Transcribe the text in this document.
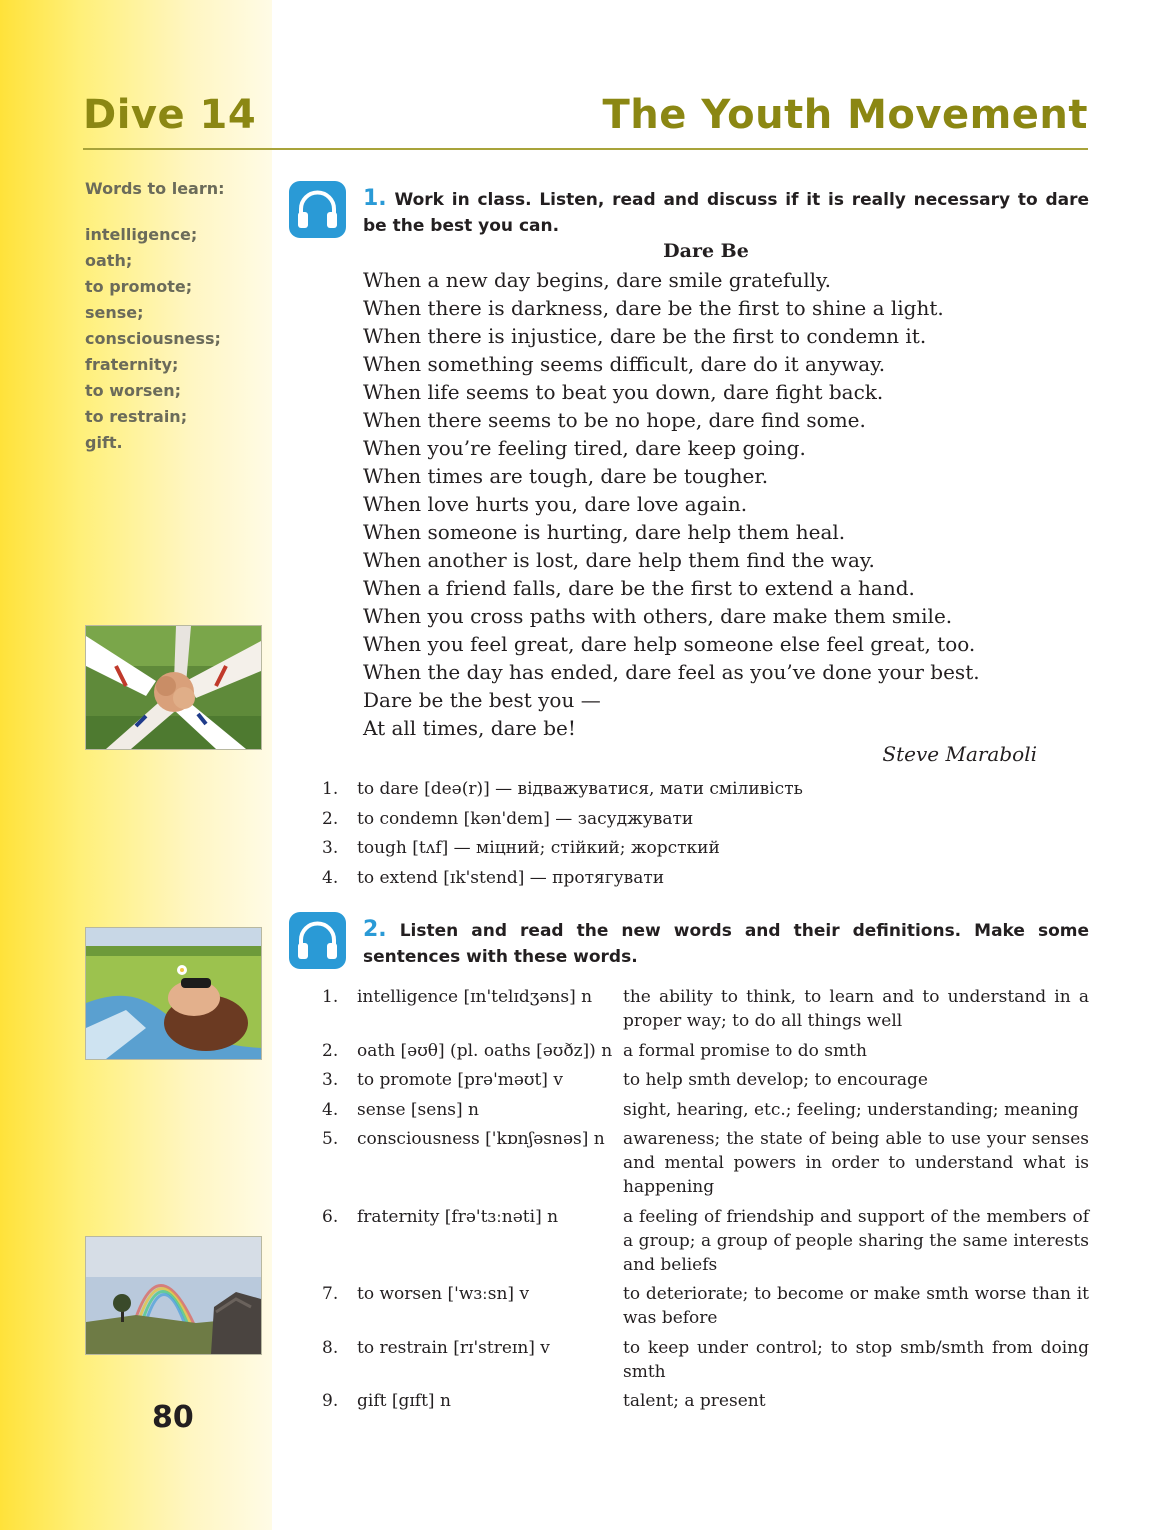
Dive 14	The Youth Movement
Words to learn:
intelligence;
oath;
to promote;
sense;
consciousness;
fraternity;
to worsen;
to restrain;
gift.
80
1. Work in class. Listen, read and discuss if it is really necessary to dare be the best you can.
Dare Be
When a new day begins, dare smile gratefully.
When there is darkness, dare be the first to shine a light.
When there is injustice, dare be the first to condemn it.
When something seems difficult, dare do it anyway.
When life seems to beat you down, dare fight back.
When there seems to be no hope, dare find some.
When you’re feeling tired, dare keep going.
When times are tough, dare be tougher.
When love hurts you, dare love again.
When someone is hurting, dare help them heal.
When another is lost, dare help them find the way.
When a friend falls, dare be the first to extend a hand.
When you cross paths with others, dare make them smile.
When you feel great, dare help someone else feel great, too.
When the day has ended, dare feel as you’ve done your best.
Dare be the best you —
At all times, dare be!
Steve Maraboli
1. to dare [deə(r)] — відважуватися, мати сміливість
2. to condemn [kən'dem] — засуджувати
3. tough [tʌf] — міцний; стійкий; жорсткий
4. to extend [ɪk'stend] — протягувати
2. Listen and read the new words and their definitions. Make some sentences with these words.
1. intelligence [ɪn'telɪdʒəns] n the ability to think, to learn and to understand in a proper way; to do all things well
2. oath [əʊθ] (pl. oaths [əʊðz]) n a formal promise to do smth
3. to promote [prə'məʊt] v	to help smth develop; to encourage
4. sense [sens] n	sight, hearing, etc.; feeling; understanding; meaning
5. consciousness ['kɒnʃəsnəs] n awareness; the state of being able to use your senses and mental powers in order to understand what is happening
6. fraternity [frə'tɜːnəti] n	a feeling of friendship and support of the members of a group; a group of people sharing the same interests and beliefs
7. to worsen ['wɜːsn] v	to deteriorate; to become or make smth worse than it was before
8. to restrain [rɪ'streɪn] v	to keep under control; to stop smb/smth from doing smth
9. gift [gɪft] n	talent; a present
